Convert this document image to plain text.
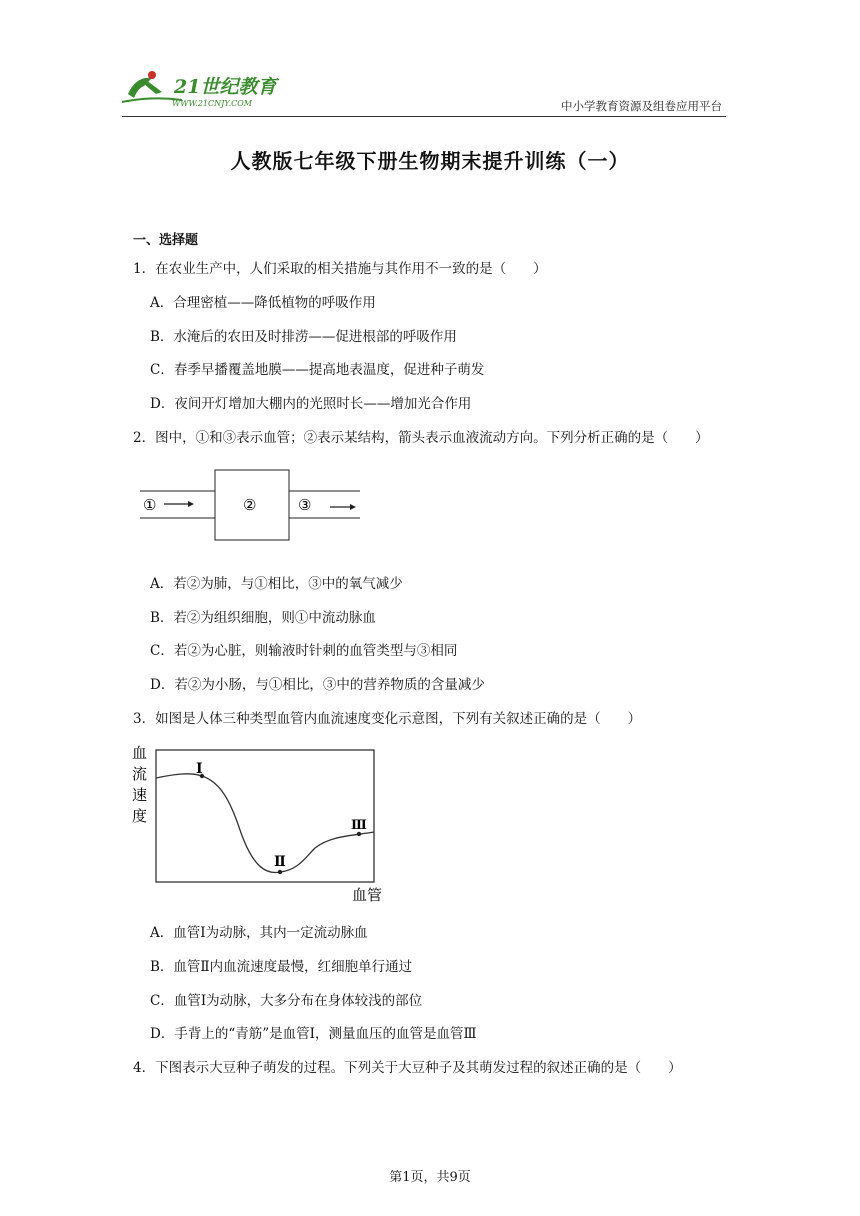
21世纪教育
WWW.21CNJY.COM	中小学教育资源及组卷应用平台
人教版七年级下册生物期末提升训练（一）
一、选择题
1．在农业生产中，人们采取的相关措施与其作用不一致的是（　　）
A．合理密植——降低植物的呼吸作用
B．水淹后的农田及时排涝——促进根部的呼吸作用
C．春季早播覆盖地膜——提高地表温度，促进种子萌发
D．夜间开灯增加大棚内的光照时长——增加光合作用
2．图中，①和③表示血管；②表示某结构，箭头表示血液流动方向。下列分析正确的是（　　）
①	②	③
A．若②为肺，与①相比，③中的氧气减少
B．若②为组织细胞，则①中流动脉血
C．若②为心脏，则输液时针刺的血管类型与③相同
D．若②为小肠，与①相比，③中的营养物质的含量减少
3．如图是人体三种类型血管内血流速度变化示意图，下列有关叙述正确的是（　　）
血
流
速
度
Ⅰ
Ⅱ
Ⅲ
血管
A．血管Ⅰ为动脉，其内一定流动脉血
B．血管Ⅱ内血流速度最慢，红细胞单行通过
C．血管Ⅰ为动脉，大多分布在身体较浅的部位
D．手背上的“青筋”是血管Ⅰ，测量血压的血管是血管Ⅲ
4．下图表示大豆种子萌发的过程。下列关于大豆种子及其萌发过程的叙述正确的是（　　）
第1页，共9页
